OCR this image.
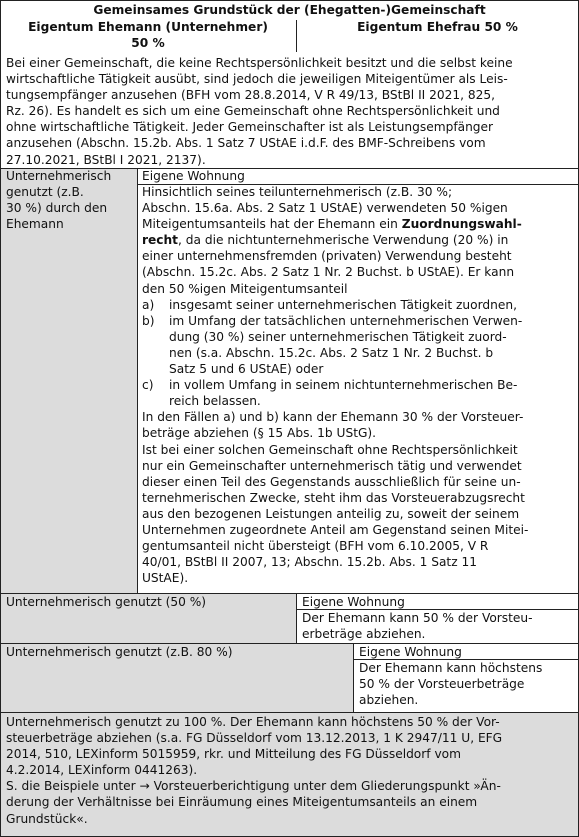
Gemeinsames Grundstück der (Ehegatten-)Gemeinschaft
Eigentum Ehemann (Unternehmer)
50 %
Eigentum Ehefrau 50 %
Bei einer Gemeinschaft, die keine Rechtspersönlichkeit besitzt und die selbst keine
wirtschaftliche Tätigkeit ausübt, sind jedoch die jeweiligen Miteigentümer als Leis-
tungsempfänger anzusehen (BFH vom 28.8.2014, V R 49/13, BStBl II 2021, 825,
Rz. 26). Es handelt es sich um eine Gemeinschaft ohne Rechtspersönlichkeit und
ohne wirtschaftliche Tätigkeit. Jeder Gemeinschafter ist als Leistungsempfänger
anzusehen (Abschn. 15.2b. Abs. 1 Satz 7 UStAE i.d.F. des BMF-Schreibens vom
27.10.2021, BStBl I 2021, 2137).
Unternehmerisch
genutzt (z.B.
30 %) durch den
Ehemann
Eigene Wohnung
Hinsichtlich seines teilunternehmerisch (z.B. 30 %;
Abschn. 15.6a. Abs. 2 Satz 1 UStAE) verwendeten 50 %igen
Miteigentumsanteils hat der Ehemann ein Zuordnungswahl-
recht, da die nichtunternehmerische Verwendung (20 %) in
einer unternehmensfremden (privaten) Verwendung besteht
(Abschn. 15.2c. Abs. 2 Satz 1 Nr. 2 Buchst. b UStAE). Er kann
den 50 %igen Miteigentumsanteil
a) insgesamt seiner unternehmerischen Tätigkeit zuordnen,
b) im Umfang der tatsächlichen unternehmerischen Verwen-
dung (30 %) seiner unternehmerischen Tätigkeit zuord-
nen (s.a. Abschn. 15.2c. Abs. 2 Satz 1 Nr. 2 Buchst. b
Satz 5 und 6 UStAE) oder
c) in vollem Umfang in seinem nichtunternehmerischen Be-
reich belassen.
In den Fällen a) und b) kann der Ehemann 30 % der Vorsteuer-
beträge abziehen (§ 15 Abs. 1b UStG).
Ist bei einer solchen Gemeinschaft ohne Rechtspersönlichkeit
nur ein Gemeinschafter unternehmerisch tätig und verwendet
dieser einen Teil des Gegenstands ausschließlich für seine un-
ternehmerischen Zwecke, steht ihm das Vorsteuerabzugsrecht
aus den bezogenen Leistungen anteilig zu, soweit der seinem
Unternehmen zugeordnete Anteil am Gegenstand seinen Mitei-
gentumsanteil nicht übersteigt (BFH vom 6.10.2005, V R
40/01, BStBl II 2007, 13; Abschn. 15.2b. Abs. 1 Satz 11
UStAE).
Unternehmerisch genutzt (50 %)	Eigene Wohnung
Der Ehemann kann 50 % der Vorsteu-
erbeträge abziehen.
Unternehmerisch genutzt (z.B. 80 %)	Eigene Wohnung
Der Ehemann kann höchstens
50 % der Vorsteuerbeträge
abziehen.
Unternehmerisch genutzt zu 100 %. Der Ehemann kann höchstens 50 % der Vor-
steuerbeträge abziehen (s.a. FG Düsseldorf vom 13.12.2013, 1 K 2947/11 U, EFG
2014, 510, LEXinform 5015959, rkr. und Mitteilung des FG Düsseldorf vom
4.2.2014, LEXinform 0441263).
S. die Beispiele unter → Vorsteuerberichtigung unter dem Gliederungspunkt »Än-
derung der Verhältnisse bei Einräumung eines Miteigentumsanteils an einem
Grundstück«.
